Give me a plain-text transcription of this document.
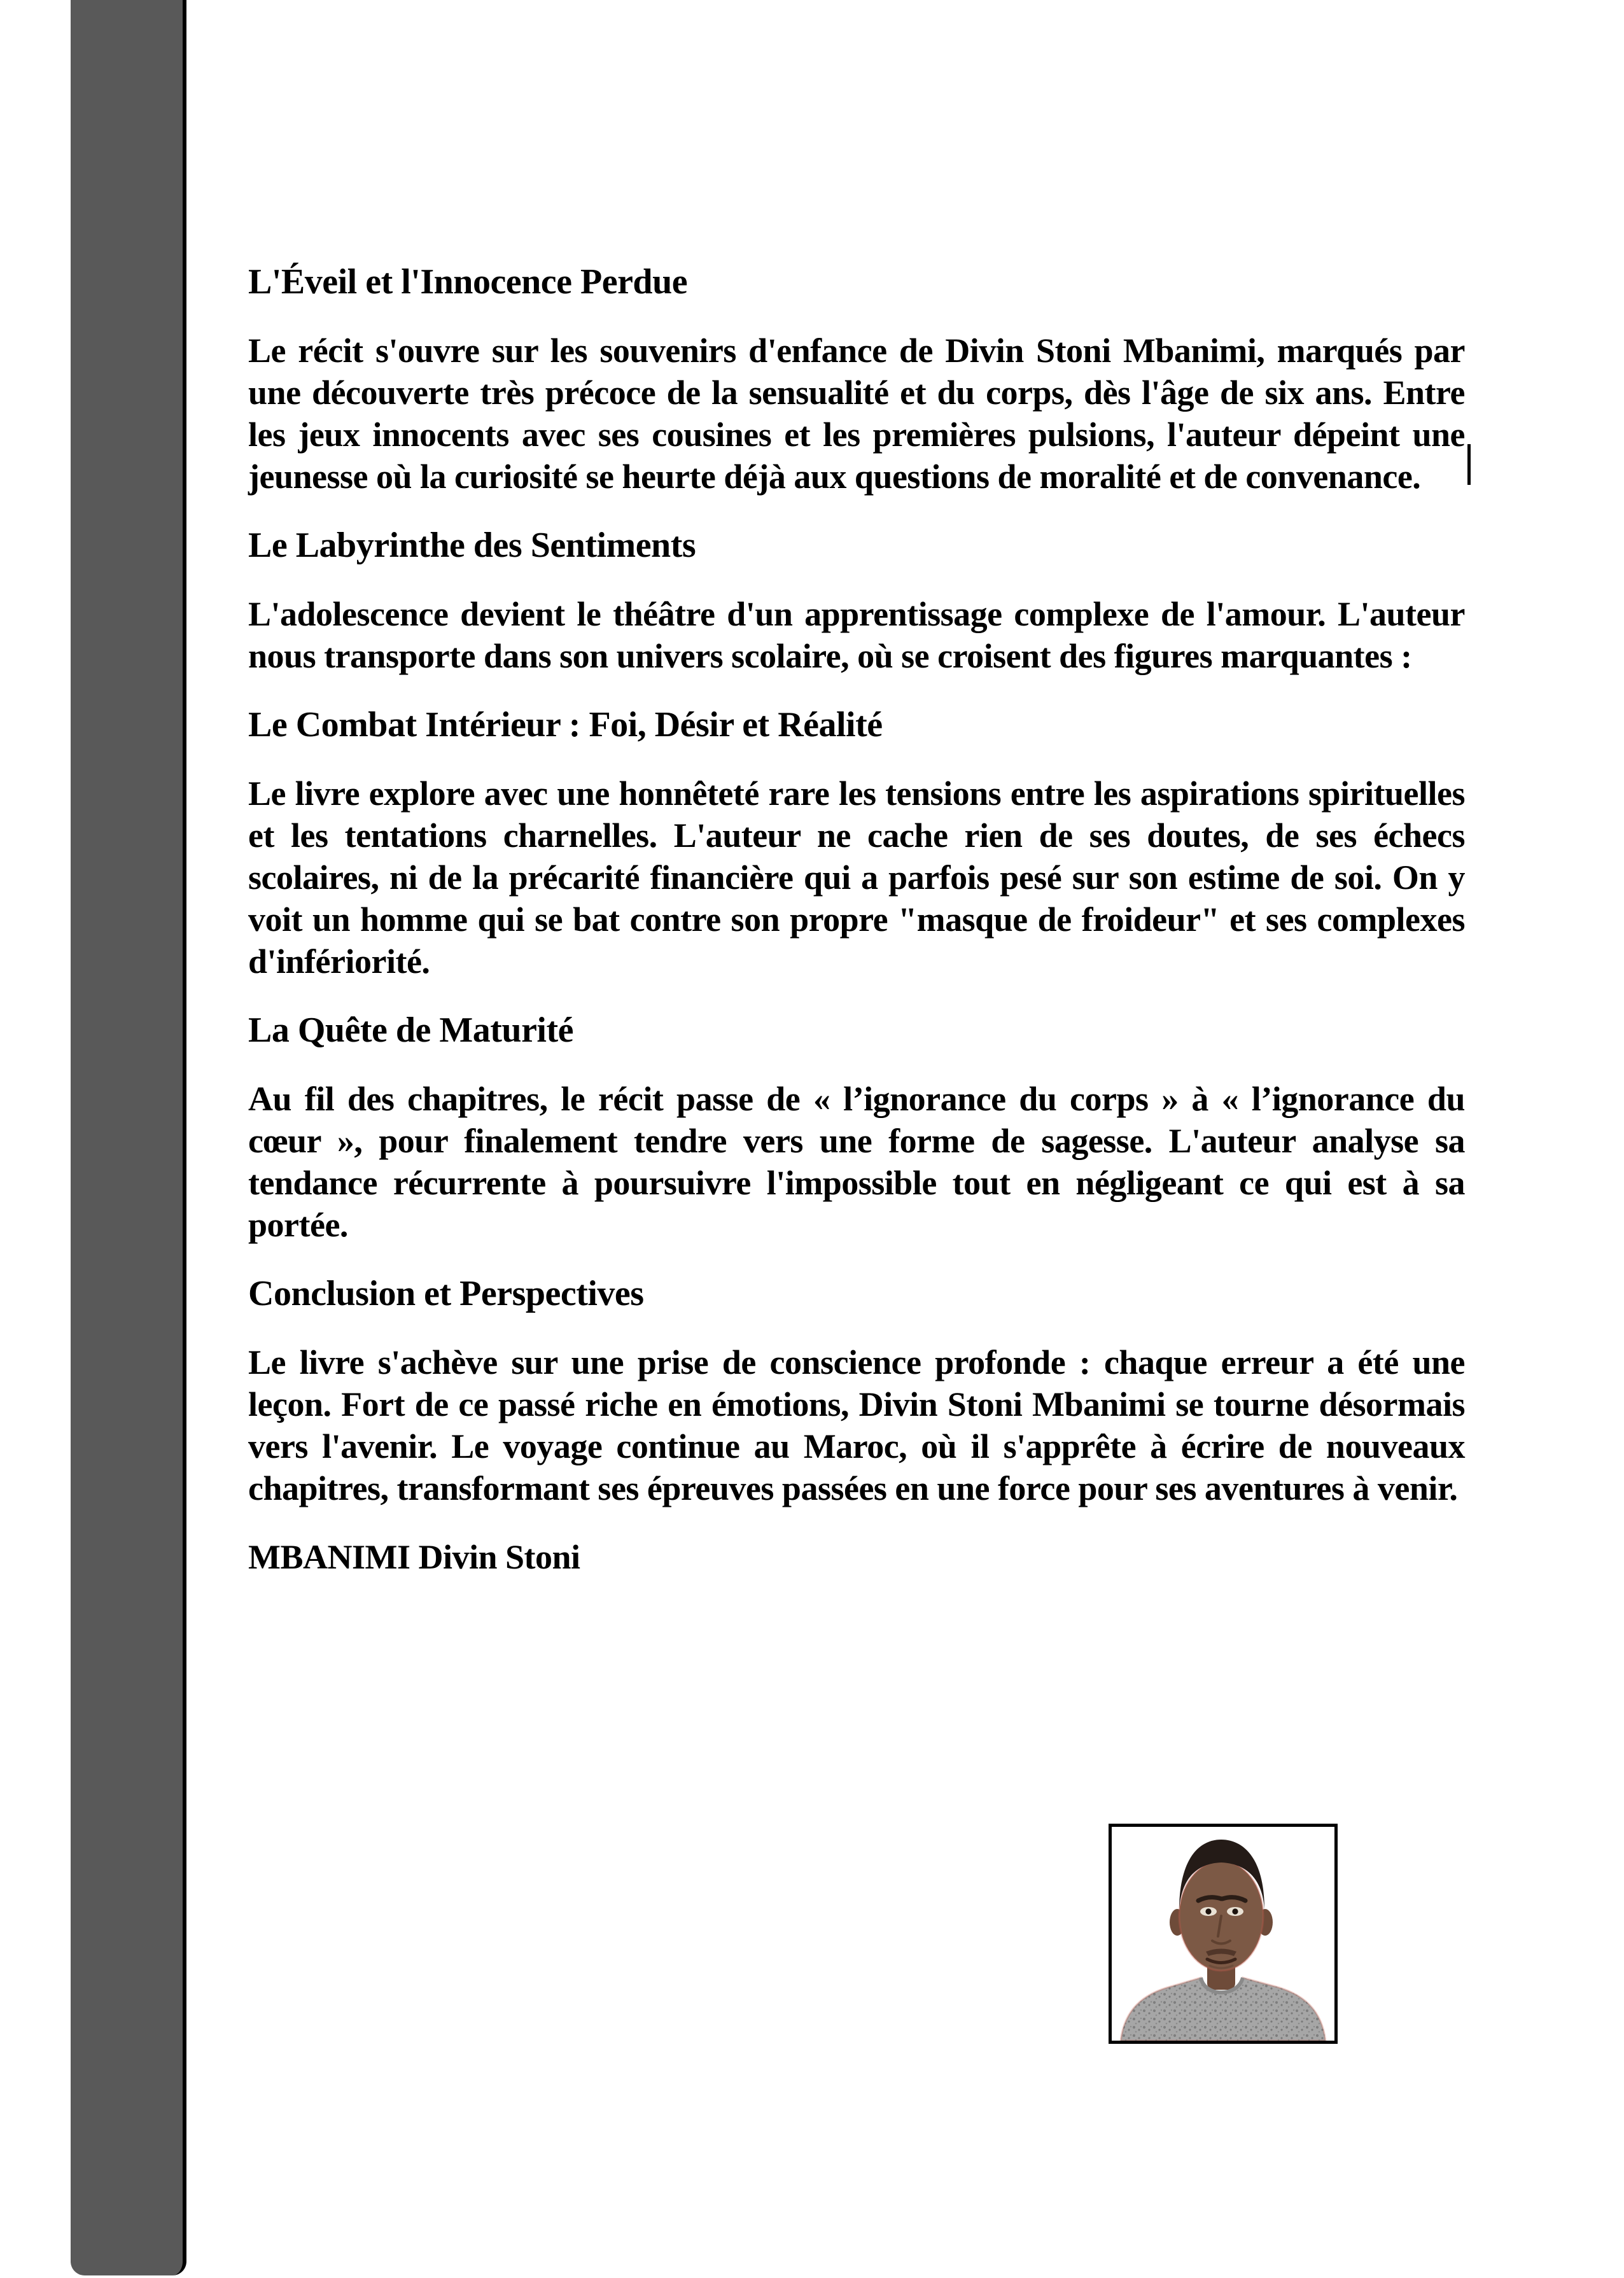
L'Éveil et l'Innocence Perdue

Le récit s'ouvre sur les souvenirs d'enfance de Divin Stoni Mbanimi, marqués par une découverte très précoce de la sensualité et du corps, dès l'âge de six ans. Entre les jeux innocents avec ses cousines et les premières pulsions, l'auteur dépeint une jeunesse où la curiosité se heurte déjà aux questions de moralité et de convenance.

Le Labyrinthe des Sentiments

L'adolescence devient le théâtre d'un apprentissage complexe de l'amour. L'auteur nous transporte dans son univers scolaire, où se croisent des figures marquantes :

Le Combat Intérieur : Foi, Désir et Réalité

Le livre explore avec une honnêteté rare les tensions entre les aspirations spirituelles et les tentations charnelles. L'auteur ne cache rien de ses doutes, de ses échecs scolaires, ni de la précarité financière qui a parfois pesé sur son estime de soi. On y voit un homme qui se bat contre son propre "masque de froideur" et ses complexes d'infériorité.

La Quête de Maturité

Au fil des chapitres, le récit passe de « l’ignorance du corps » à « l’ignorance du cœur », pour finalement tendre vers une forme de sagesse. L'auteur analyse sa tendance récurrente à poursuivre l'impossible tout en négligeant ce qui est à sa portée.

Conclusion et Perspectives

Le livre s'achève sur une prise de conscience profonde : chaque erreur a été une leçon. Fort de ce passé riche en émotions, Divin Stoni Mbanimi se tourne désormais vers l'avenir. Le voyage continue au Maroc, où il s'apprête à écrire de nouveaux chapitres, transformant ses épreuves passées en une force pour ses aventures à venir.

MBANIMI Divin Stoni
